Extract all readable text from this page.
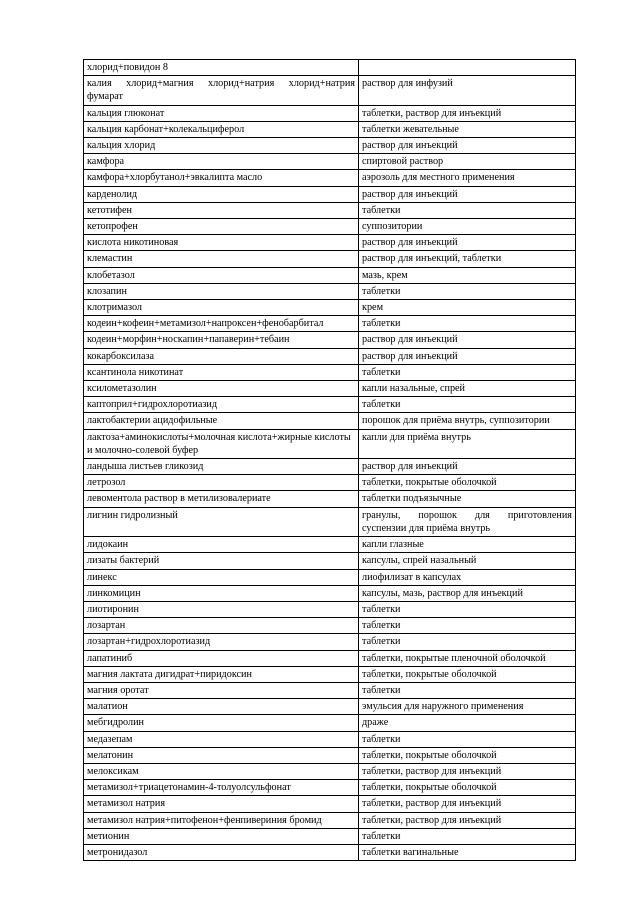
хлорид+повидон 8	
калия хлорид+магния хлорид+натрия хлорид+натрия фумарат	раствор для инфузий
кальция глюконат	таблетки, раствор для инъекций
кальция карбонат+колекальциферол	таблетки жевательные
кальция хлорид	раствор для инъекций
камфора	спиртовой раствор
камфора+хлорбутанол+эвкалипта масло	аэрозоль для местного применения
карденолид	раствор для инъекций
кетотифен	таблетки
кетопрофен	суппозитории
кислота никотиновая	раствор для инъекций
клемастин	раствор для инъекций, таблетки
клобетазол	мазь, крем
клозапин	таблетки
клотримазол	крем
кодеин+кофеин+метамизол+напроксен+фенобарбитал	таблетки
кодеин+морфин+носкапин+папаверин+тебаин	раствор для инъекций
кокарбоксилаза	раствор для инъекций
ксантинола никотинат	таблетки
ксилометазолин	капли назальные, спрей
каптоприл+гидрохлоротиазид	таблетки
лактобактерии ацидофильные	порошок для приёма внутрь, суппозитории
лактоза+аминокислоты+молочная кислота+жирные кислоты и молочно-солевой буфер	капли для приёма внутрь
ландыша листьев гликозид	раствор для инъекций
летрозол	таблетки, покрытые оболочкой
левоментола раствор в метилизовалериате	таблетки подъязычные
лигнин гидролизный	гранулы, порошок для приготовления суспензии для приёма внутрь
лидокаин	капли глазные
лизаты бактерий	капсулы, спрей назальный
линекс	лиофилизат в капсулах
линкомицин	капсулы, мазь, раствор для инъекций
лиотиронин	таблетки
лозартан	таблетки
лозартан+гидрохлоротиазид	таблетки
лапатиниб	таблетки, покрытые пленочной оболочкой
магния лактата дигидрат+пиридоксин	таблетки, покрытые оболочкой
магния оротат	таблетки
малатион	эмульсия для наружного применения
мебгидролин	драже
медазепам	таблетки
мелатонин	таблетки, покрытые оболочкой
мелоксикам	таблетки, раствор для инъекций
метамизол+триацетонамин-4-толуолсульфонат	таблетки, покрытые оболочкой
метамизол натрия	таблетки, раствор для инъекций
метамизол натрия+питофенон+фенпивериния бромид	таблетки, раствор для инъекций
метионин	таблетки
метронидазол	таблетки вагинальные
